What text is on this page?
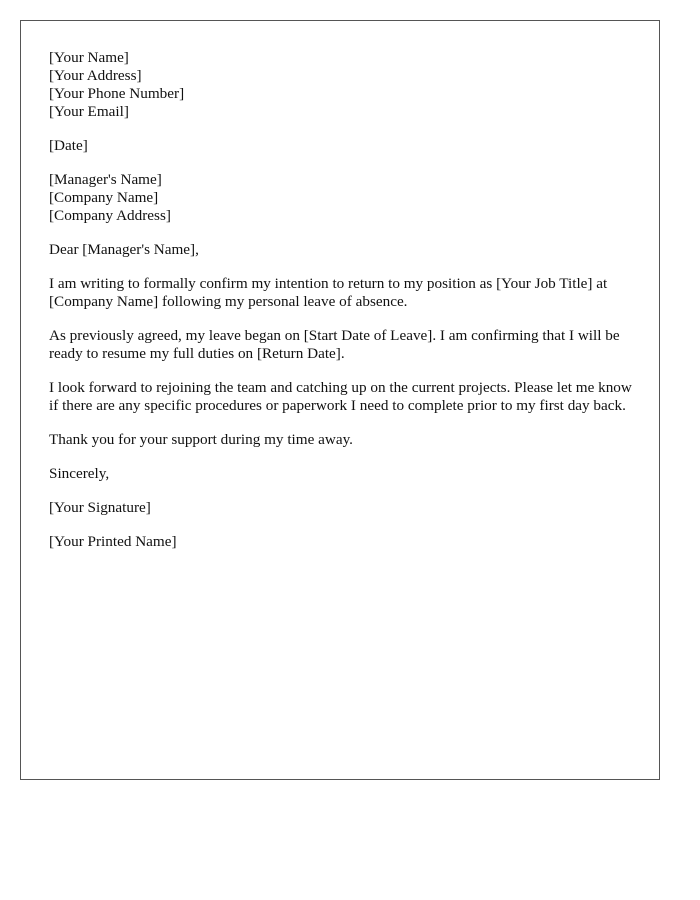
[Your Name]
[Your Address]
[Your Phone Number]
[Your Email]
[Date]
[Manager's Name]
[Company Name]
[Company Address]

Dear [Manager's Name],

I am writing to formally confirm my intention to return to my position as [Your Job Title] at [Company Name] following my personal leave of absence.

As previously agreed, my leave began on [Start Date of Leave]. I am confirming that I will be ready to resume my full duties on [Return Date].

I look forward to rejoining the team and catching up on the current projects. Please let me know if there are any specific procedures or paperwork I need to complete prior to my first day back.

Thank you for your support during my time away.

Sincerely,

[Your Signature]

[Your Printed Name]
